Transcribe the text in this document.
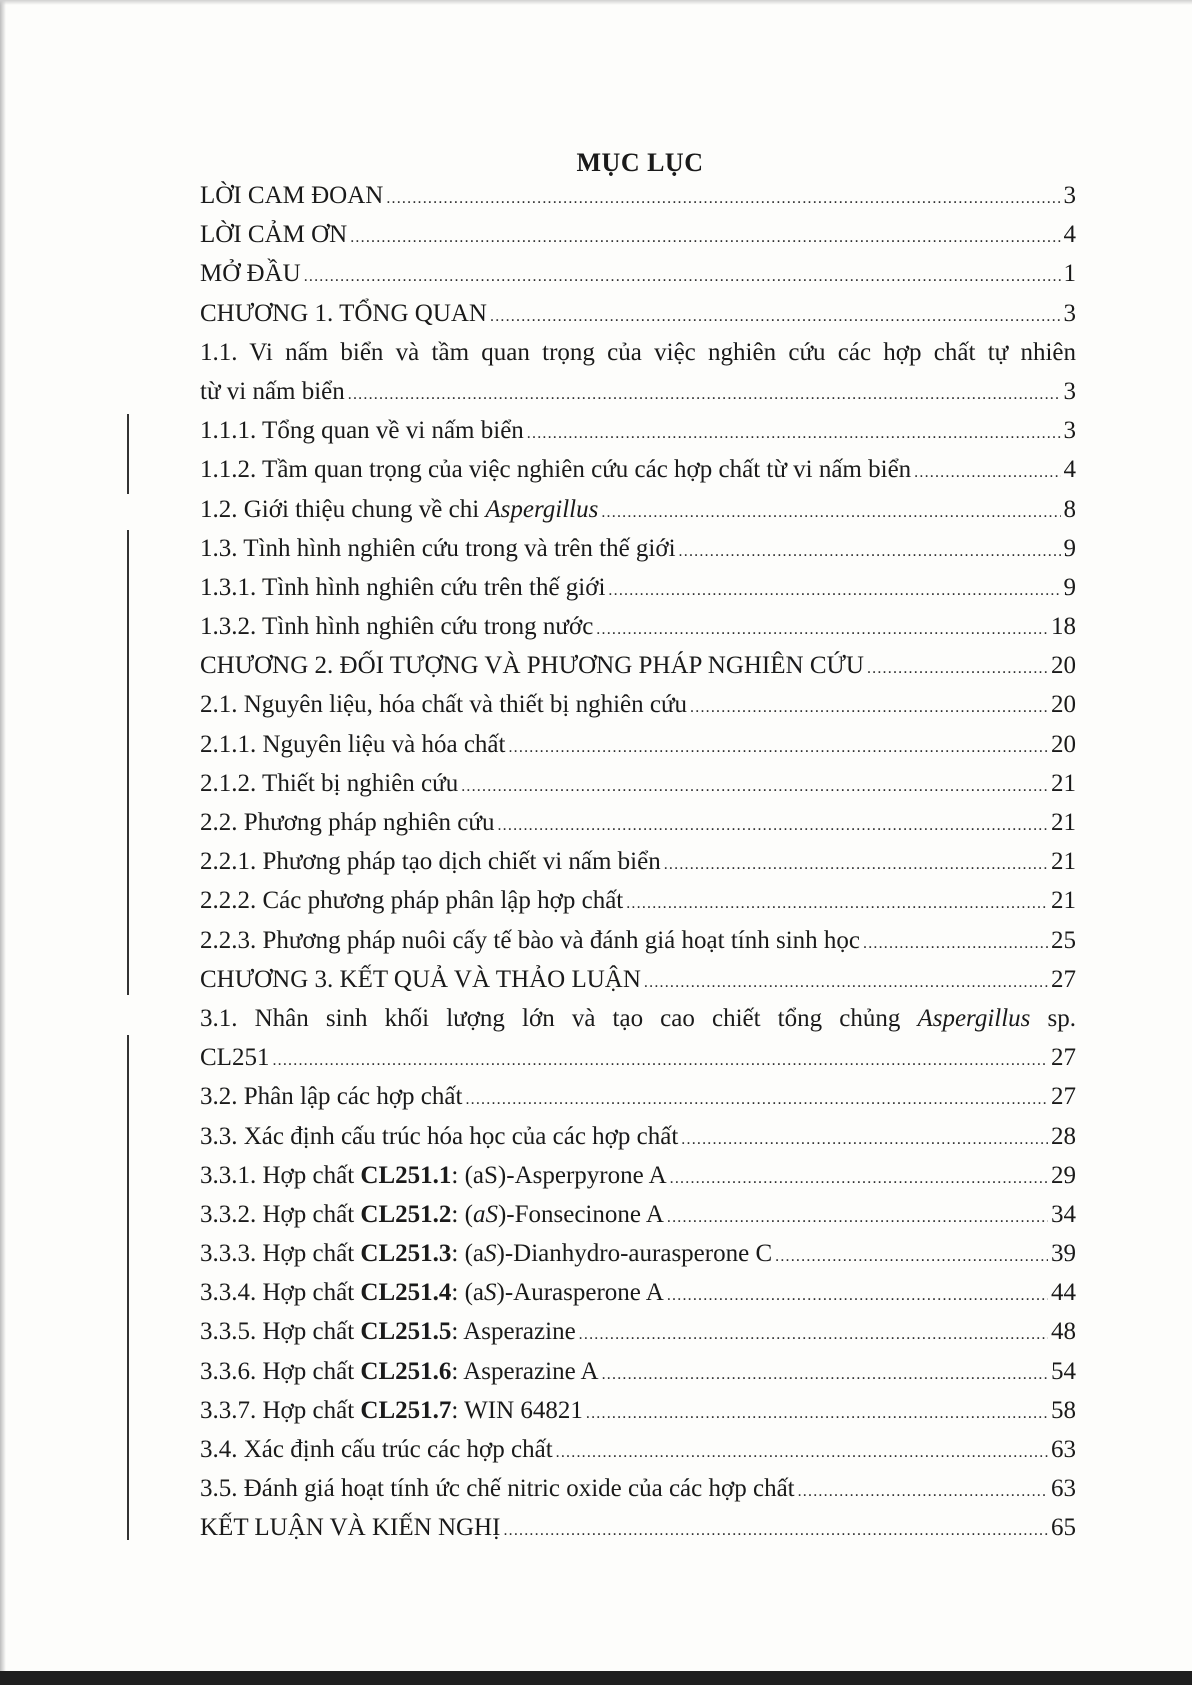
MỤC LỤC
LỜI CAM ĐOAN .....	3
LỜI CẢM ƠN .....	4
MỞ ĐẦU .....	1
CHƯƠNG 1. TỔNG QUAN .....	3
1.1. Vi nấm biển và tầm quan trọng của việc nghiên cứu các hợp chất tự nhiên
từ vi nấm biển .....	3
1.1.1. Tổng quan về vi nấm biển .....	3
1.1.2. Tầm quan trọng của việc nghiên cứu các hợp chất từ vi nấm biển .....	4
1.2. Giới thiệu chung về chi Aspergillus .....	8
1.3. Tình hình nghiên cứu trong và trên thế giới .....	9
1.3.1. Tình hình nghiên cứu trên thế giới .....	9
1.3.2. Tình hình nghiên cứu trong nước .....	18
CHƯƠNG 2. ĐỐI TƯỢNG VÀ PHƯƠNG PHÁP NGHIÊN CỨU .....	20
2.1. Nguyên liệu, hóa chất và thiết bị nghiên cứu .....	20
2.1.1. Nguyên liệu và hóa chất .....	20
2.1.2. Thiết bị nghiên cứu .....	21
2.2. Phương pháp nghiên cứu .....	21
2.2.1. Phương pháp tạo dịch chiết vi nấm biển .....	21
2.2.2. Các phương pháp phân lập hợp chất .....	21
2.2.3. Phương pháp nuôi cấy tế bào và đánh giá hoạt tính sinh học .....	25
CHƯƠNG 3. KẾT QUẢ VÀ THẢO LUẬN .....	27
3.1. Nhân sinh khối lượng lớn và tạo cao chiết tổng chủng Aspergillus sp.
CL251 .....	27
3.2. Phân lập các hợp chất .....	27
3.3. Xác định cấu trúc hóa học của các hợp chất .....	28
3.3.1. Hợp chất CL251.1: (aS)-Asperpyrone A .....	29
3.3.2. Hợp chất CL251.2: (aS)-Fonsecinone A .....	34
3.3.3. Hợp chất CL251.3: (aS)-Dianhydro-aurasperone C .....	39
3.3.4. Hợp chất CL251.4: (aS)-Aurasperone A .....	44
3.3.5. Hợp chất CL251.5: Asperazine .....	48
3.3.6. Hợp chất CL251.6: Asperazine A .....	54
3.3.7. Hợp chất CL251.7: WIN 64821 .....	58
3.4. Xác định cấu trúc các hợp chất .....	63
3.5. Đánh giá hoạt tính ức chế nitric oxide của các hợp chất .....	63
KẾT LUẬN VÀ KIẾN NGHỊ .....	65
